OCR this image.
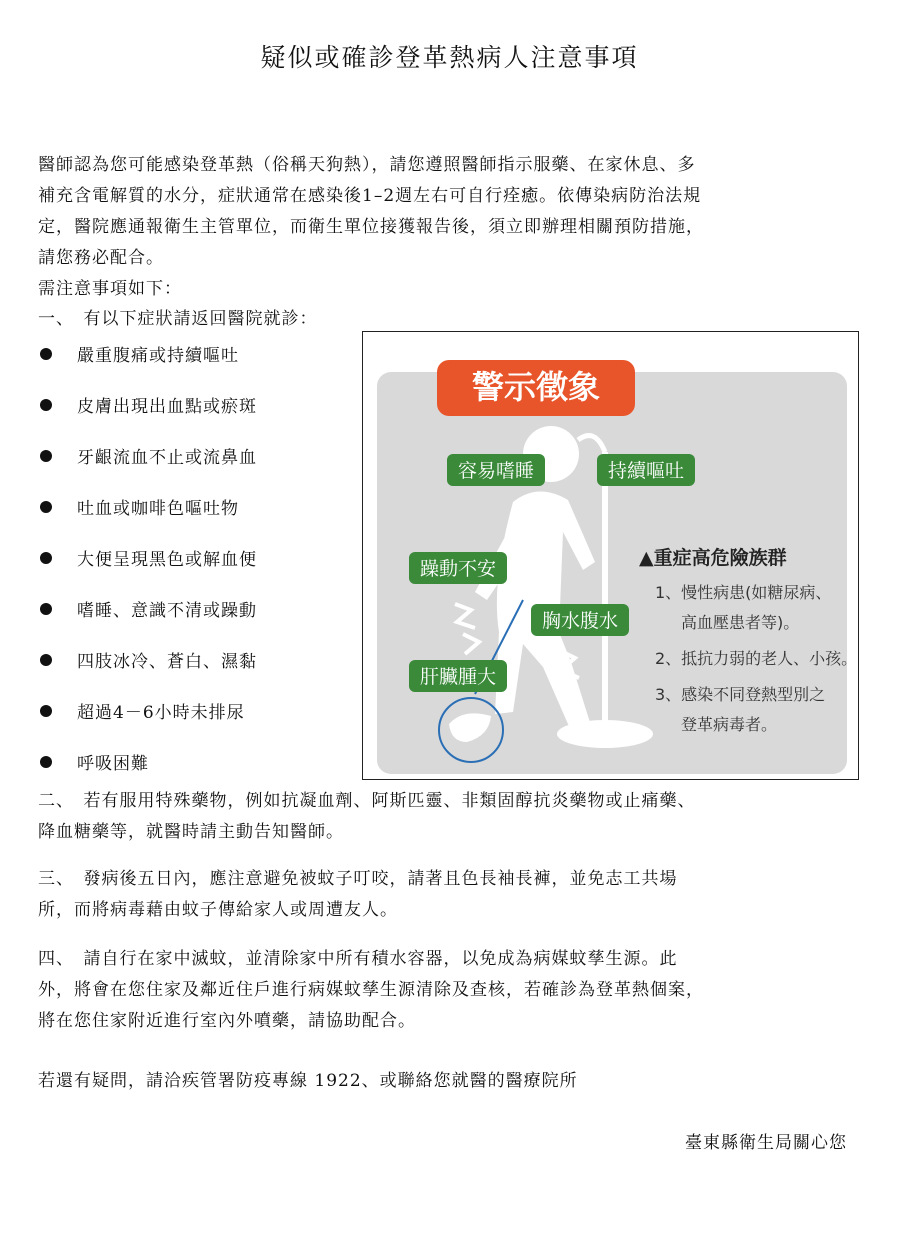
疑似或確診登革熱病人注意事項

醫師認為您可能感染登革熱（俗稱天狗熱），請您遵照醫師指示服藥、在家休息、多

補充含電解質的水分，症狀通常在感染後1–2週左右可自行痊癒。依傳染病防治法規

定，醫院應通報衛生主管單位，而衛生單位接獲報告後，須立即辦理相關預防措施，

請您務必配合。

需注意事項如下：

一、　有以下症狀請返回醫院就診：
嚴重腹痛或持續嘔吐
皮膚出現出血點或瘀斑
牙齦流血不止或流鼻血
吐血或咖啡色嘔吐物
大便呈現黑色或解血便
嗜睡、意識不清或躁動
四肢冰冷、蒼白、濕黏
超過4－6小時未排尿
呼吸困難
警示徵象
容易嗜睡	持續嘔吐
躁動不安
胸水腹水
肝臟腫大
▲重症高危險族群
1、慢性病患(如糖尿病、
高血壓患者等)。
2、抵抗力弱的老人、小孩。
3、感染不同登熱型別之
登革病毒者。
二、　若有服用特殊藥物，例如抗凝血劑、阿斯匹靈、非類固醇抗炎藥物或止痛藥、
降血糖藥等，就醫時請主動告知醫師。
三、　發病後五日內，應注意避免被蚊子叮咬，請著且色長袖長褲，並免志工共場
所，而將病毒藉由蚊子傳給家人或周遭友人。
四、　請自行在家中滅蚊，並清除家中所有積水容器，以免成為病媒蚊孳生源。此
外，將會在您住家及鄰近住戶進行病媒蚊孳生源清除及查核，若確診為登革熱個案，
將在您住家附近進行室內外噴藥，請協助配合。
若還有疑問，請洽疾管署防疫專線 1922、或聯絡您就醫的醫療院所
臺東縣衛生局關心您
